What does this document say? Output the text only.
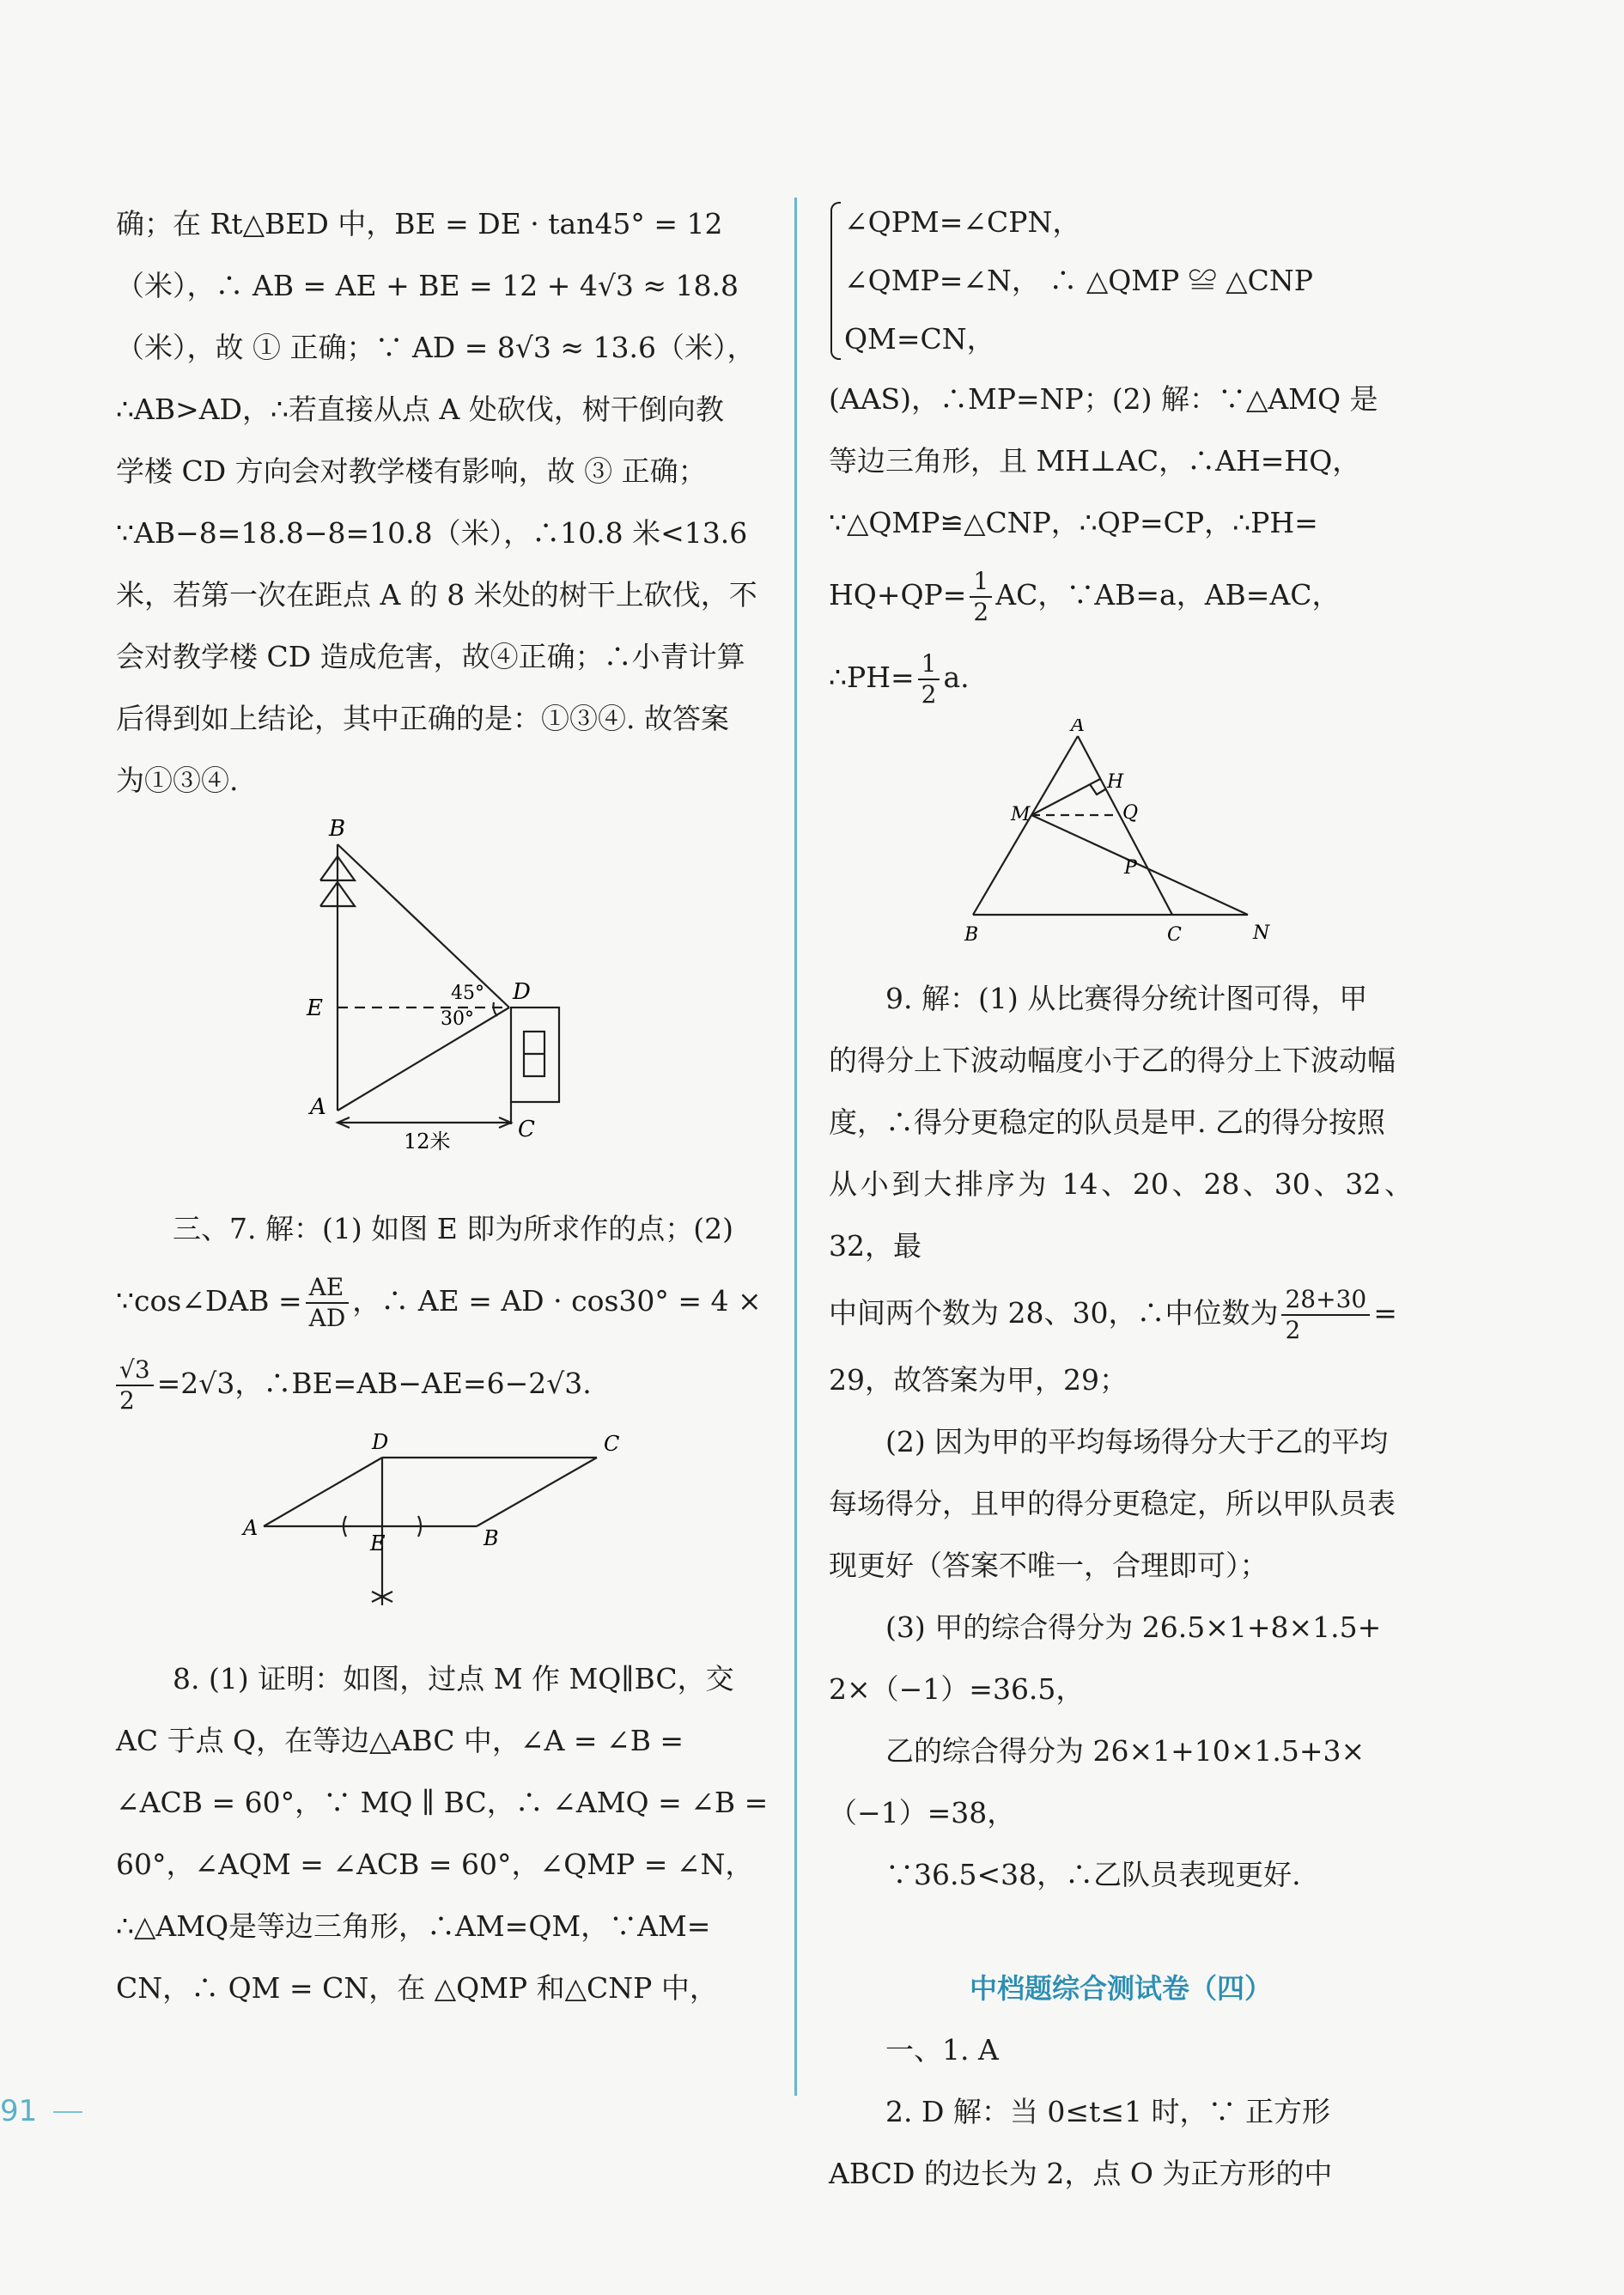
确；在 Rt△BED 中，BE = DE · tan45° = 12

（米），∴ AB = AE + BE = 12 + 4√3 ≈ 18.8

（米），故 ① 正确；∵ AD = 8√3 ≈ 13.6（米），

∴AB>AD，∴若直接从点 A 处砍伐，树干倒向教

学楼 CD 方向会对教学楼有影响，故 ③ 正确；

∵AB−8=18.8−8=10.8（米），∴10.8 米<13.6

米，若第一次在距点 A 的 8 米处的树干上砍伐，不

会对教学楼 CD 造成危害，故④正确；∴小青计算

后得到如上结论，其中正确的是：①③④. 故答案

为①③④.

B
E
A
D
C
45°
30°
12米

三、7. 解：(1) 如图 E 即为所求作的点；(2)

∵cos∠DAB = $\frac{AE}{AD}$ ，∴ AE = AD · cos30° = 4 ×

$\frac{√3}{2} =2√3$，∴BE=AB−AE=6−2√3.

D	C
A
E	B

8. (1) 证明：如图，过点 M 作 MQ∥BC，交

AC 于点 Q，在等边△ABC 中，∠A = ∠B =

∠ACB = 60°，∵ MQ ∥ BC，∴ ∠AMQ = ∠B =

60°，∠AQM = ∠ACB = 60°，∠QMP = ∠N，

∴△AMQ是等边三角形，∴AM=QM，∵AM=

CN，∴ QM = CN，在 △QMP 和△CNP 中，

∠QPM=∠CPN，

∠QMP=∠N， ∴ △QMP ≌ △CNP

QM=CN，

(AAS)，∴MP=NP；(2) 解：∵△AMQ 是

等边三角形，且 MH⊥AC，∴AH=HQ，

∵△QMP≌△CNP，∴QP=CP，∴PH=

$HQ+QP= \frac{1}{2}$ AC，∵AB=a，AB=AC，

∴PH= $\frac{1}{2} a$.

A
H
M	Q
P
B	C	N

9. 解：(1) 从比赛得分统计图可得，甲

的得分上下波动幅度小于乙的得分上下波动幅

度，∴得分更稳定的队员是甲. 乙的得分按照

从小到大排序为 14、20、28、30、32、32，最

中间两个数为 28、30，∴中位数为 $\frac{28+30}{2}$ =

29，故答案为甲，29；

(2) 因为甲的平均每场得分大于乙的平均

每场得分，且甲的得分更稳定，所以甲队员表

现更好（答案不唯一，合理即可）；

(3) 甲的综合得分为 26.5×1+8×1.5+

2×（−1）=36.5，

乙的综合得分为 26×1+10×1.5+3×

（−1）=38，

∵36.5<38，∴乙队员表现更好.

中档题综合测试卷（四）

一、1. A

2. D 解：当 0≤t≤1 时，∵ 正方形

ABCD 的边长为 2，点 O 为正方形的中

91
